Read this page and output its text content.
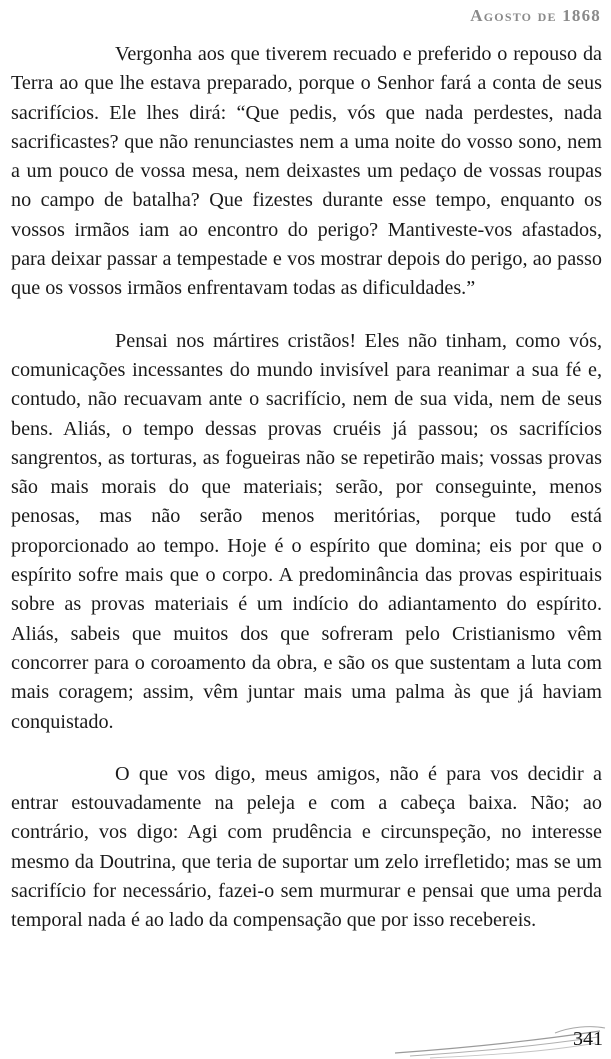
Agosto de 1868

Vergonha aos que tiverem recuado e preferido o repouso da Terra ao que lhe estava preparado, porque o Senhor fará a conta de seus sacrifícios. Ele lhes dirá: “Que pedis, vós que nada perdestes, nada sacrificastes? que não renunciastes nem a uma noite do vosso sono, nem a um pouco de vossa mesa, nem deixastes um pedaço de vossas roupas no campo de batalha? Que fizestes durante esse tempo, enquanto os vossos irmãos iam ao encontro do perigo? Mantiveste-vos afastados, para deixar passar a tempestade e vos mostrar depois do perigo, ao passo que os vossos irmãos enfrentavam todas as dificuldades.”

Pensai nos mártires cristãos! Eles não tinham, como vós, comunicações incessantes do mundo invisível para reanimar a sua fé e, contudo, não recuavam ante o sacrifício, nem de sua vida, nem de seus bens. Aliás, o tempo dessas provas cruéis já passou; os sacrifícios sangrentos, as torturas, as fogueiras não se repetirão mais; vossas provas são mais morais do que materiais; serão, por conseguinte, menos penosas, mas não serão menos meritórias, porque tudo está proporcionado ao tempo. Hoje é o espírito que domina; eis por que o espírito sofre mais que o corpo. A predominância das provas espirituais sobre as provas materiais é um indício do adiantamento do espírito. Aliás, sabeis que muitos dos que sofreram pelo Cristianismo vêm concorrer para o coroamento da obra, e são os que sustentam a luta com mais coragem; assim, vêm juntar mais uma palma às que já haviam conquistado.

O que vos digo, meus amigos, não é para vos decidir a entrar estouvadamente na peleja e com a cabeça baixa. Não; ao contrário, vos digo: Agi com prudência e circunspeção, no interesse mesmo da Doutrina, que teria de suportar um zelo irrefletido; mas se um sacrifício for necessário, fazei-o sem murmurar e pensai que uma perda temporal nada é ao lado da compensação que por isso recebereis.

341
